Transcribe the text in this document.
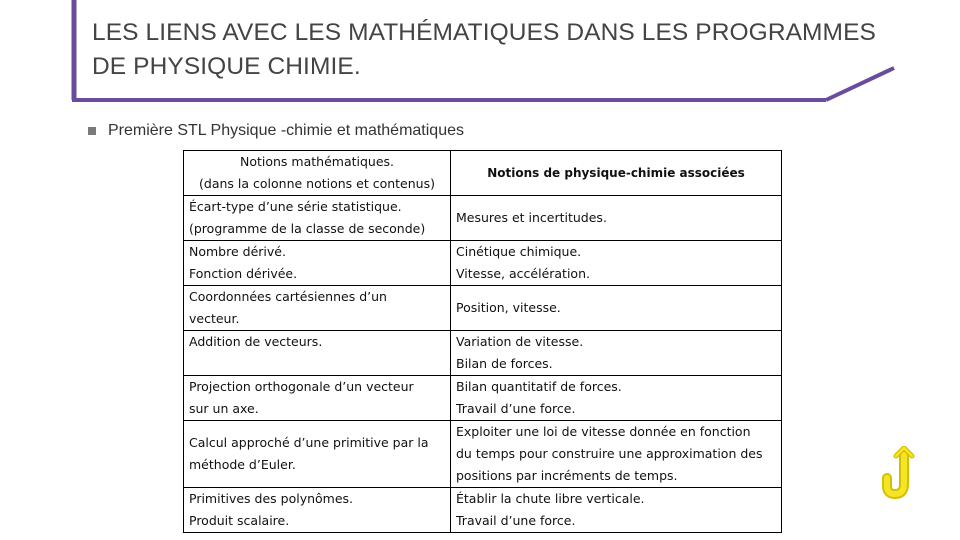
LES LIENS AVEC LES MATHÉMATIQUES DANS LES PROGRAMMES
DE PHYSIQUE CHIMIE.
Première STL Physique -chimie et mathématiques
Notions mathématiques.
(dans la colonne notions et contenus)	Notions de physique-chimie associées

Écart-type d’une série statistique.
(programme de la classe de seconde)	Mesures et incertitudes.

Nombre dérivé.
Fonction dérivée.	Cinétique chimique.
Vitesse, accélération.

Coordonnées cartésiennes d’un
vecteur.	Position, vitesse.

Addition de vecteurs.	Variation de vitesse.
Bilan de forces.

Projection orthogonale d’un vecteur
sur un axe.	Bilan quantitatif de forces.
Travail d’une force.

Calcul approché d’une primitive par la
méthode d’Euler.	Exploiter une loi de vitesse donnée en fonction
du temps pour construire une approximation des
positions par incréments de temps.

Primitives des polynômes.
Produit scalaire.	Établir la chute libre verticale.
Travail d’une force.
